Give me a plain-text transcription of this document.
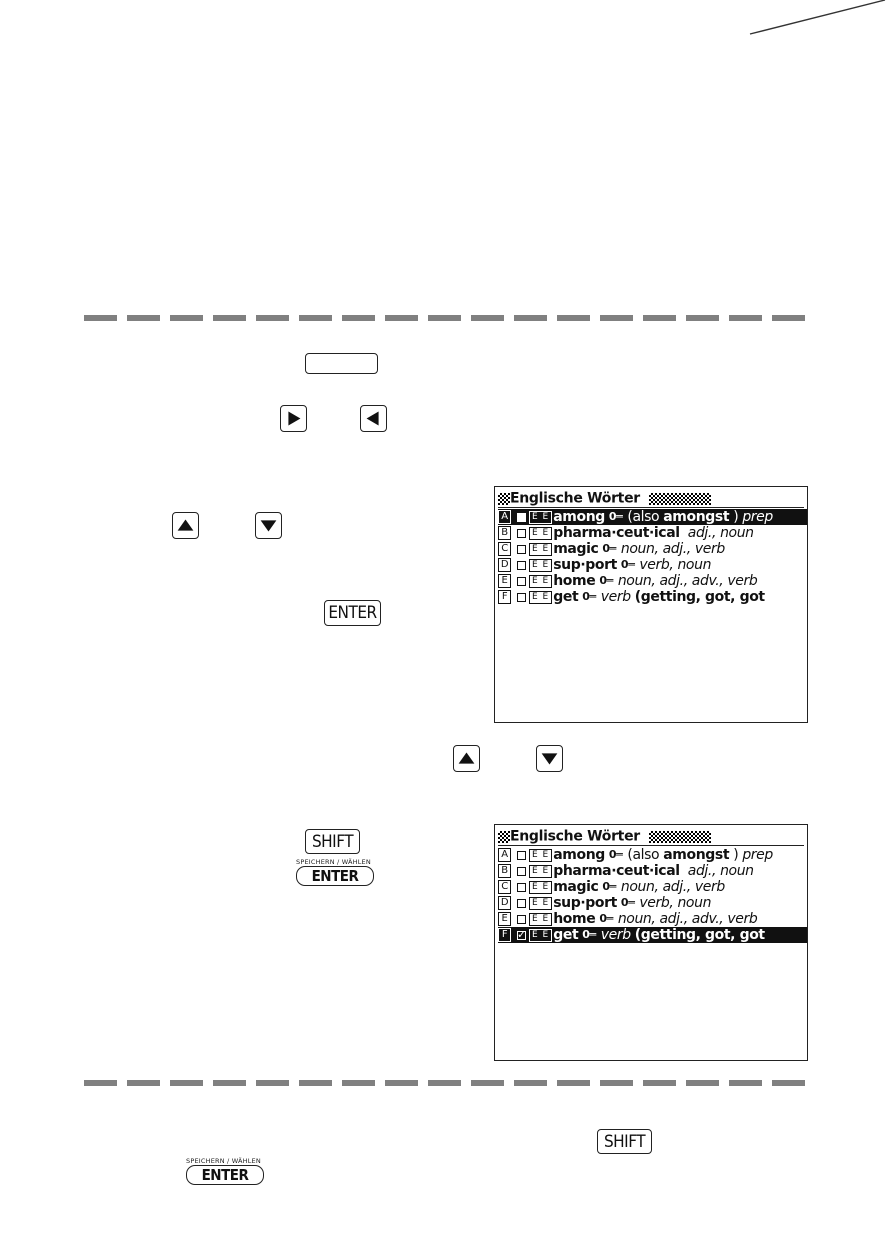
ENTER
Englische Wörter
A	E E among 0═ (also
amongst
)
prep
B	E E pharma·ceut·ical
adj., noun
C	E E magic 0═ noun, adj., verb
D	E E sup·port 0═ verb, noun
E	E E home 0═ noun, adj., adv., verb
F	E E get 0═ verb
(getting, got, got
SHIFT
SPEICHERN / WÄHLEN
ENTER
Englische Wörter
A	E E among 0═ (also
amongst
)
prep
B	E E pharma·ceut·ical
adj., noun
C	E E magic 0═ noun, adj., verb
D	E E sup·port 0═ verb, noun
E	E E home 0═ noun, adj., adv., verb
F
✓	E E get 0═ verb
(getting, got, got
SHIFT
SPEICHERN / WÄHLEN
ENTER
